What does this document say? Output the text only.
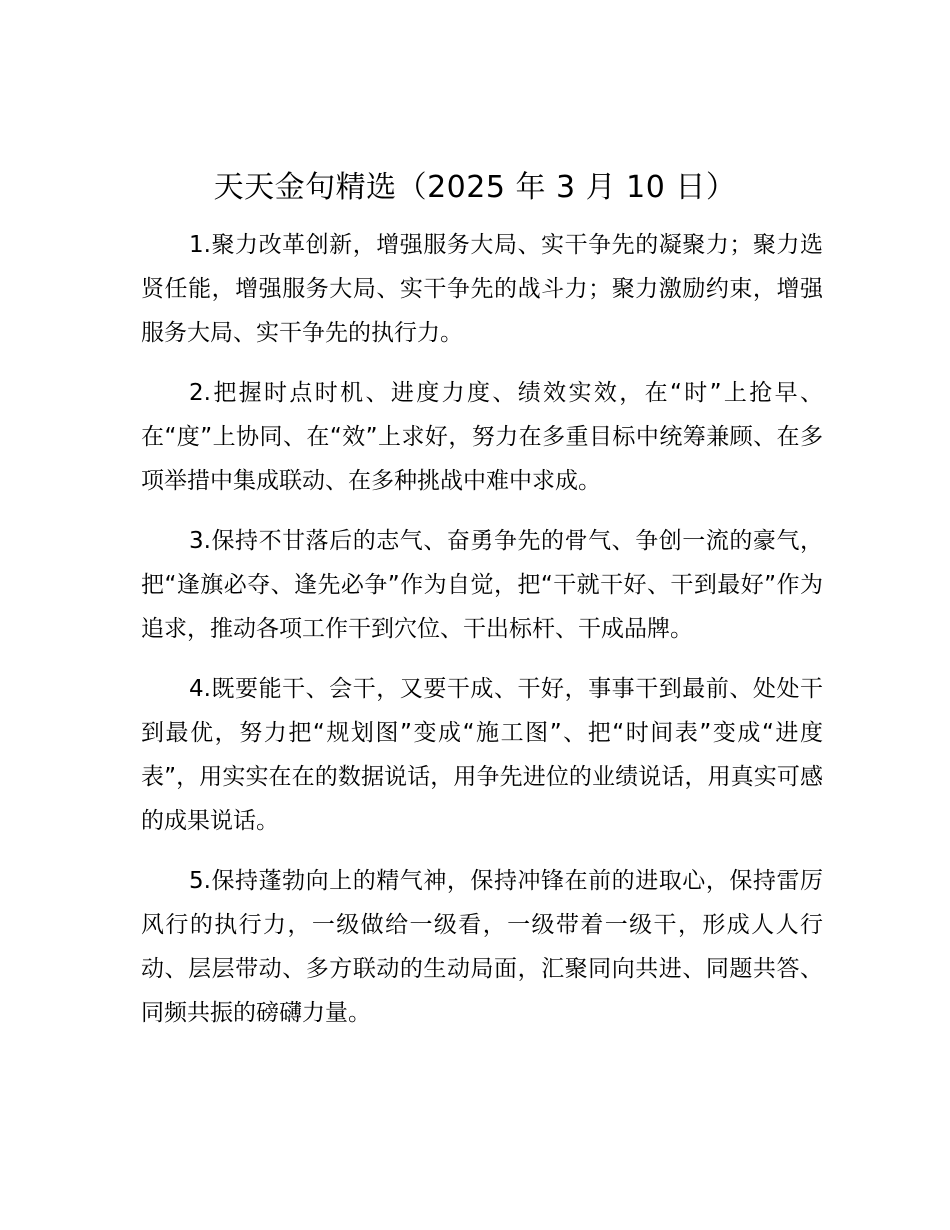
天天金句精选（2025 年 3 月 10 日）

1.聚力改革创新，增强服务大局、实干争先的凝聚力；聚力选贤任能，增强服务大局、实干争先的战斗力；聚力激励约束，增强服务大局、实干争先的执行力。

2.把握时点时机、进度力度、绩效实效，在“时”上抢早、在“度”上协同、在“效”上求好，努力在多重目标中统筹兼顾、在多项举措中集成联动、在多种挑战中难中求成。

3.保持不甘落后的志气、奋勇争先的骨气、争创一流的豪气，把“逢旗必夺、逢先必争”作为自觉，把“干就干好、干到最好”作为追求，推动各项工作干到穴位、干出标杆、干成品牌。

4.既要能干、会干，又要干成、干好，事事干到最前、处处干到最优，努力把“规划图”变成“施工图”、把“时间表”变成“进度表”，用实实在在的数据说话，用争先进位的业绩说话，用真实可感的成果说话。

5.保持蓬勃向上的精气神，保持冲锋在前的进取心，保持雷厉风行的执行力，一级做给一级看，一级带着一级干，形成人人行动、层层带动、多方联动的生动局面，汇聚同向共进、同题共答、同频共振的磅礴力量。
